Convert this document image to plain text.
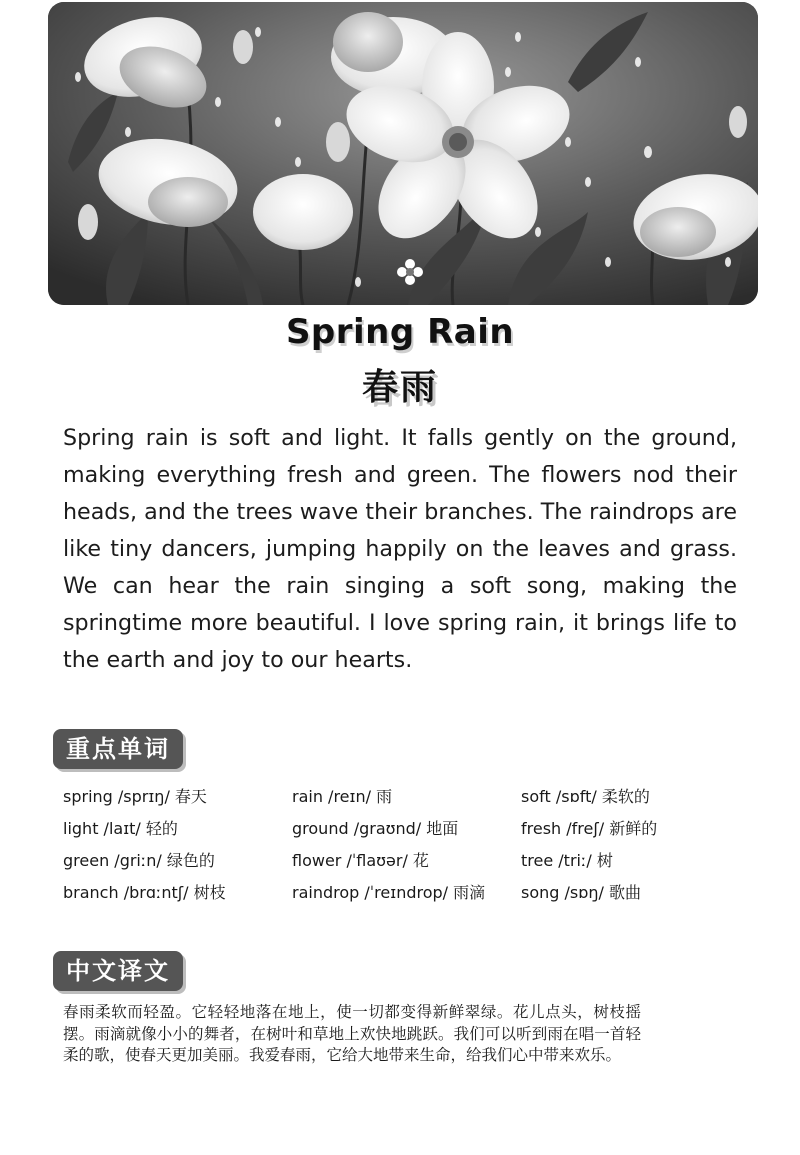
Spring Rain
春雨

Spring rain is soft and light. It falls gently on the ground, making everything fresh and green. The flowers nod their heads, and the trees wave their branches. The raindrops are like tiny dancers, jumping happily on the leaves and grass. We can hear the rain singing a soft song, making the springtime more beautiful. I love spring rain, it brings life to the earth and joy to our hearts.

重点单词
spring /sprɪŋ/ 春天	rain /reɪn/ 雨	soft /sɒft/ 柔软的
light /laɪt/ 轻的	ground /graʊnd/ 地面	fresh /freʃ/ 新鲜的
green /griːn/ 绿色的	flower /ˈflaʊər/ 花	tree /triː/ 树
branch /brɑːntʃ/ 树枝	raindrop /ˈreɪndrop/ 雨滴	song /sɒŋ/ 歌曲
中文译文

春雨柔软而轻盈。它轻轻地落在地上，使一切都变得新鲜翠绿。花儿点头，树枝摇摆。雨滴就像小小的舞者，在树叶和草地上欢快地跳跃。我们可以听到雨在唱一首轻柔的歌，使春天更加美丽。我爱春雨，它给大地带来生命，给我们心中带来欢乐。
